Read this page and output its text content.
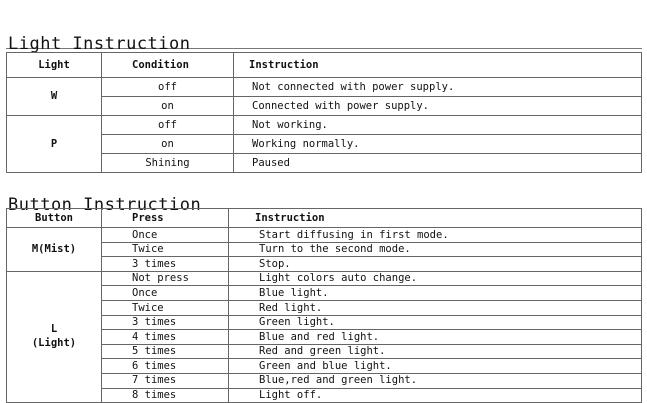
Light Instruction
Light	Condition	Instruction
W	off	Not connected with power supply.
	on	Connected with power supply.
P	off	Not working.
	on	Working normally.
	Shining	Paused
Button Instruction
Button	Press	Instruction

M(Mist)	Once	Start diffusing in first mode.
	Twice	Turn to the second mode.
	3 times	Stop.

L
(Light)	Not press	Light colors auto change.
	Once	Blue light.
	Twice	Red light.
	3 times	Green light.
	4 times	Blue and red light.
	5 times	Red and green light.
	6 times	Green and blue light.
	7 times	Blue,red and green light.
	8 times	Light off.
